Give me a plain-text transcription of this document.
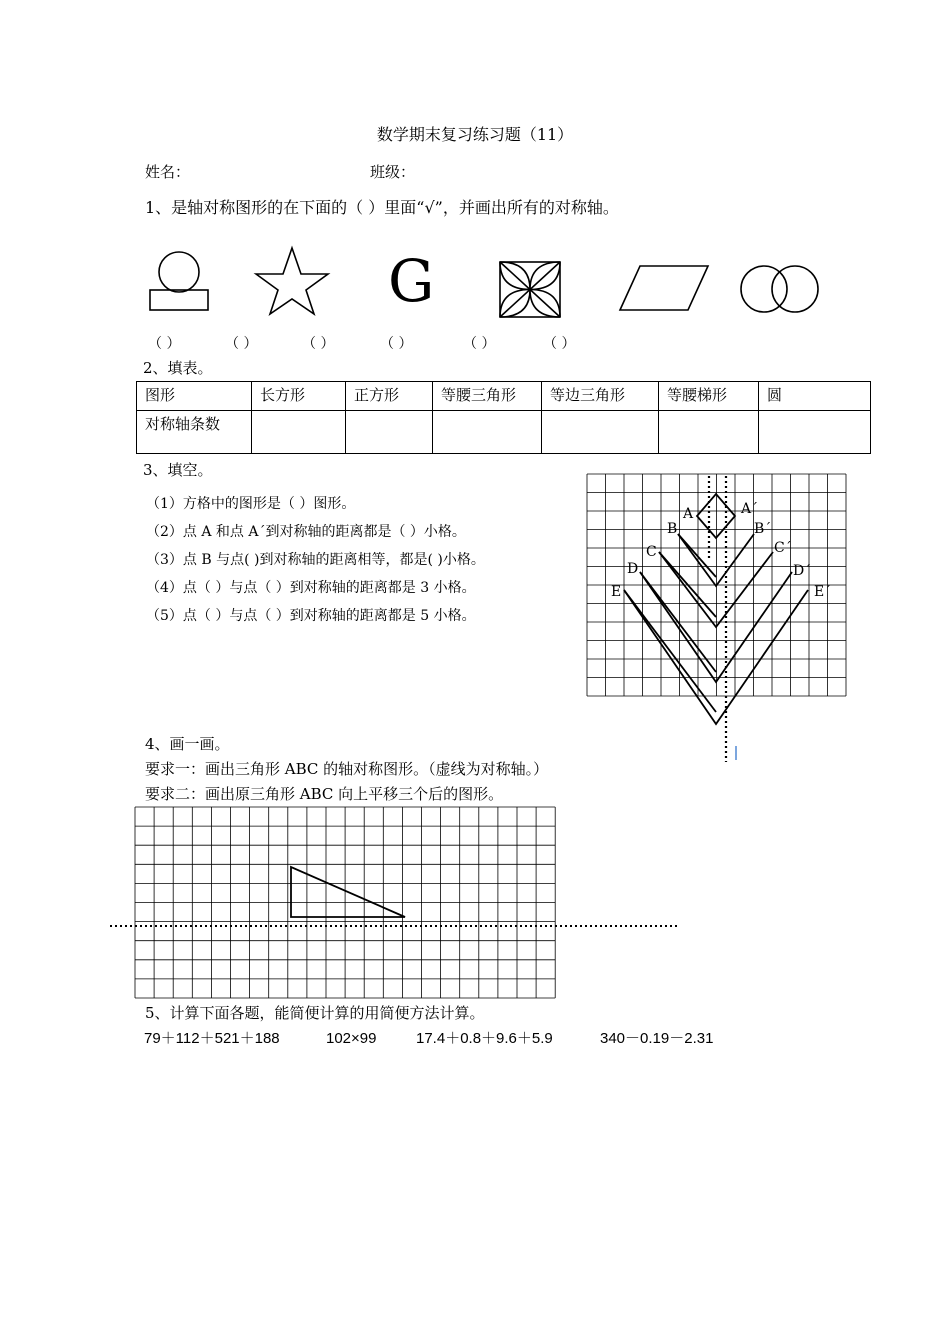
数学期末复习练习题（11）
姓名：	班级：
1、是轴对称图形的在下面的（ ）里面“√”，并画出所有的对称轴。
G
（ ）	（ ）	（ ）	（ ）	（ ）	（ ）
2、填表。
图形	长方形	正方形	等腰三角形	等边三角形	等腰梯形	圆
对称轴条数						
3、填空。
（1）方格中的图形是（ ）图形。
（2）点 A 和点 A´到对称轴的距离都是（ ）小格。
（3）点 B 与点( )到对称轴的距离相等，都是( )小格。
（4）点（ ）与点（ ）到对称轴的距离都是 3 小格。
（5）点（ ）与点（ ）到对称轴的距离都是 5 小格。
A	A´
B	B´
C	C´
D	D´
E	E´
4、画一画。
要求一：画出三角形 ABC 的轴对称图形。（虚线为对称轴。）
要求二：画出原三角形 ABC 向上平移三个后的图形。
5、计算下面各题，能简便计算的用简便方法计算。
79＋112＋521＋188	102×99	17.4＋0.8＋9.6＋5.9	340－0.19－2.31
